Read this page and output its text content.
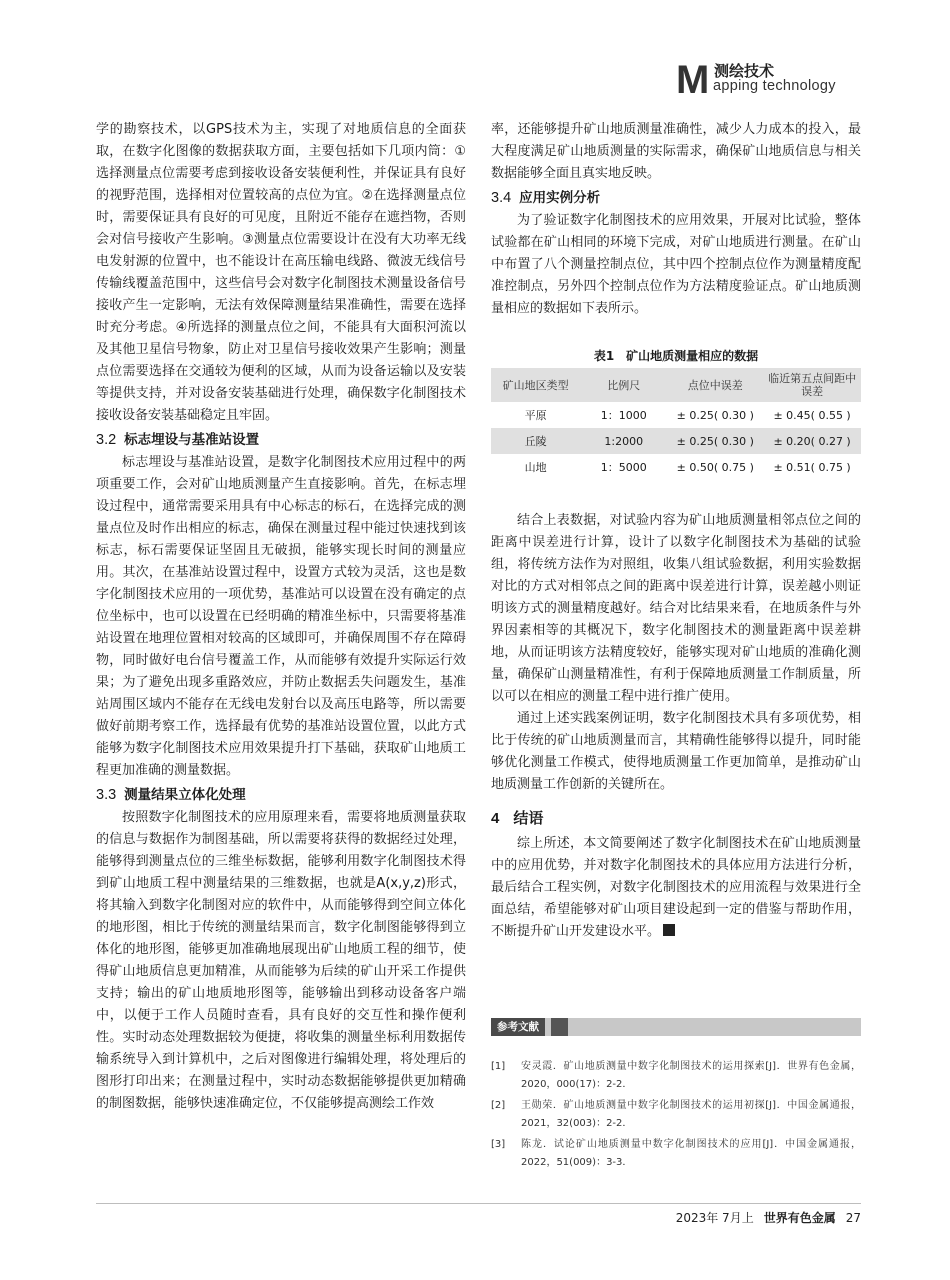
M 测绘技术
apping technology

学的勘察技术，以GPS技术为主，实现了对地质信息的全面获取，在数字化图像的数据获取方面，主要包括如下几项内筒：①选择测量点位需要考虑到接收设备安装便利性，并保证具有良好的视野范围，选择相对位置较高的点位为宜。②在选择测量点位时，需要保证具有良好的可见度，且附近不能存在遮挡物，否则会对信号接收产生影响。③测量点位需要设计在没有大功率无线电发射源的位置中，也不能设计在高压输电线路、微波无线信号传输线覆盖范围中，这些信号会对数字化制图技术测量设备信号接收产生一定影响，无法有效保障测量结果准确性，需要在选择时充分考虑。④所选择的测量点位之间，不能具有大面积河流以及其他卫星信号物象，防止对卫星信号接收效果产生影响；测量点位需要选择在交通较为便利的区域，从而为设备运输以及安装等提供支持，并对设备安装基础进行处理，确保数字化制图技术接收设备安装基础稳定且牢固。

3.2 标志埋设与基准站设置

标志埋设与基准站设置，是数字化制图技术应用过程中的两项重要工作，会对矿山地质测量产生直接影响。首先，在标志埋设过程中，通常需要采用具有中心标志的标石，在选择完成的测量点位及时作出相应的标志，确保在测量过程中能过快速找到该标志，标石需要保证坚固且无破损，能够实现长时间的测量应用。其次，在基准站设置过程中，设置方式较为灵活，这也是数字化制图技术应用的一项优势，基准站可以设置在没有确定的点位坐标中，也可以设置在已经明确的精准坐标中，只需要将基准站设置在地理位置相对较高的区域即可，并确保周围不存在障碍物，同时做好电台信号覆盖工作，从而能够有效提升实际运行效果；为了避免出现多重路效应，并防止数据丢失问题发生，基准站周围区域内不能存在无线电发射台以及高压电路等，所以需要做好前期考察工作，选择最有优势的基准站设置位置，以此方式能够为数字化制图技术应用效果提升打下基础，获取矿山地质工程更加准确的测量数据。

3.3 测量结果立体化处理

按照数字化制图技术的应用原理来看，需要将地质测量获取的信息与数据作为制图基础，所以需要将获得的数据经过处理，能够得到测量点位的三维坐标数据，能够利用数字化制图技术得到矿山地质工程中测量结果的三维数据，也就是A(x,y,z)形式，将其输入到数字化制图对应的软件中，从而能够得到空间立体化的地形图，相比于传统的测量结果而言，数字化制图能够得到立体化的地形图，能够更加准确地展现出矿山地质工程的细节，使得矿山地质信息更加精准，从而能够为后续的矿山开采工作提供支持；输出的矿山地质地形图等，能够输出到移动设备客户端中，以便于工作人员随时查看，具有良好的交互性和操作便利性。实时动态处理数据较为便捷，将收集的测量坐标利用数据传输系统导入到计算机中，之后对图像进行编辑处理，将处理后的图形打印出来；在测量过程中，实时动态数据能够提供更加精确的制图数据，能够快速准确定位，不仅能够提高测绘工作效

率，还能够提升矿山地质测量准确性，减少人力成本的投入，最大程度满足矿山地质测量的实际需求，确保矿山地质信息与相关数据能够全面且真实地反映。

3.4 应用实例分析

为了验证数字化制图技术的应用效果，开展对比试验，整体试验都在矿山相同的环境下完成，对矿山地质进行测量。在矿山中布置了八个测量控制点位，其中四个控制点位作为测量精度配准控制点，另外四个控制点位作为方法精度验证点。矿山地质测量相应的数据如下表所示。

表1　矿山地质测量相应的数据
矿山地区类型	比例尺	点位中误差	临近第五点间距中误差
平原	1：1000	± 0.25( 0.30 )	± 0.45( 0.55 )
丘陵	1:2000	± 0.25( 0.30 )	± 0.20( 0.27 )
山地	1：5000	± 0.50( 0.75 )	± 0.51( 0.75 )

结合上表数据，对试验内容为矿山地质测量相邻点位之间的距离中误差进行计算，设计了以数字化制图技术为基础的试验组，将传统方法作为对照组，收集八组试验数据，利用实验数据对比的方式对相邻点之间的距离中误差进行计算，误差越小则证明该方式的测量精度越好。结合对比结果来看，在地质条件与外界因素相等的其概况下，数字化制图技术的测量距离中误差耕地，从而证明该方法精度较好，能够实现对矿山地质的准确化测量，确保矿山测量精准性，有利于保障地质测量工作制质量，所以可以在相应的测量工程中进行推广使用。

通过上述实践案例证明，数字化制图技术具有多项优势，相比于传统的矿山地质测量而言，其精确性能够得以提升，同时能够优化测量工作模式，使得地质测量工作更加简单，是推动矿山地质测量工作创新的关键所在。

4 结语

综上所述，本文简要阐述了数字化制图技术在矿山地质测量中的应用优势，并对数字化制图技术的具体应用方法进行分析，最后结合工程实例，对数字化制图技术的应用流程与效果进行全面总结，希望能够对矿山项目建设起到一定的借鉴与帮助作用，不断提升矿山开发建设水平。

参考文献
[1] 安灵霞．矿山地质测量中数字化制图技术的运用探索[J]．世界有色金属，2020，000(17)：2-2．
[2] 王勋荣．矿山地质测量中数字化制图技术的运用初探[J]．中国金属通报，2021，32(003)：2-2．
[3] 陈龙．试论矿山地质测量中数字化制图技术的应用[J]．中国金属通报，2022，51(009)：3-3．
2023年 7月上 世界有色金属 27
